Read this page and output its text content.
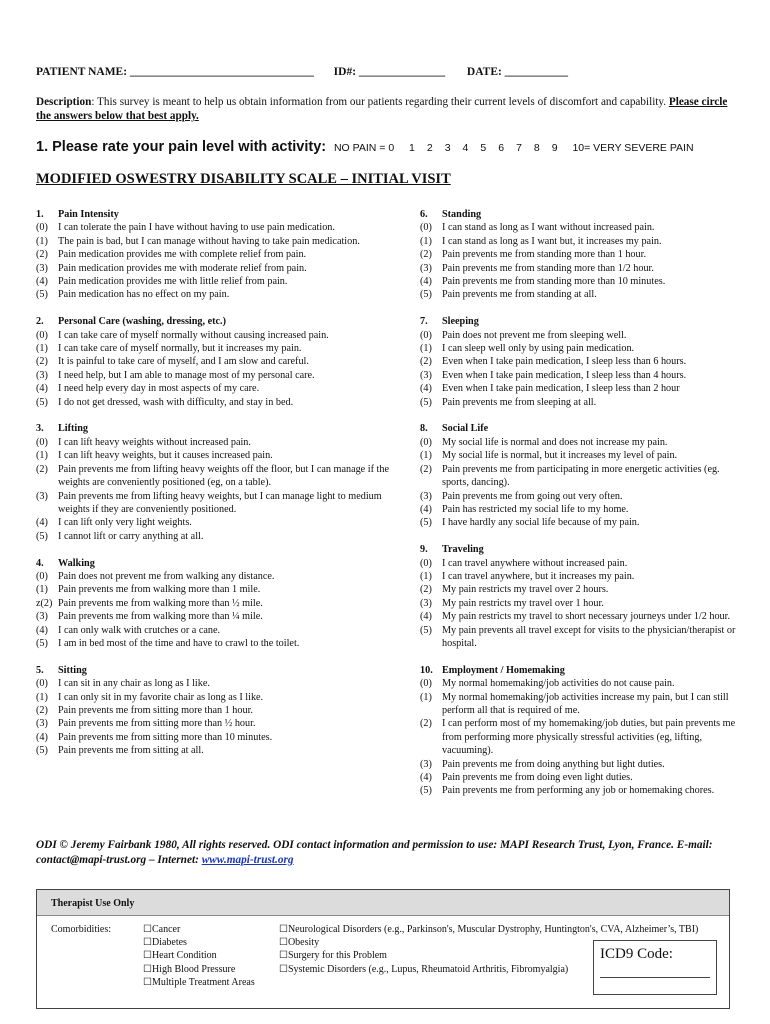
PATIENT NAME: ________________________________ ID#: _______________ DATE: ___________
Description: This survey is meant to help us obtain information from our patients regarding their current levels of discomfort and capability. Please circle the answers below that best apply.
1. Please rate your pain level with activity: NO PAIN = 0 1 2 3 4 5 6 7 8 9 10= VERY SEVERE PAIN
MODIFIED OSWESTRY DISABILITY SCALE – INITIAL VISIT
1.	Pain Intensity
(0) I can tolerate the pain I have without having to use pain medication.
(1) The pain is bad, but I can manage without having to take pain medication.
(2) Pain medication provides me with complete relief from pain.
(3) Pain medication provides me with moderate relief from pain.
(4) Pain medication provides me with little relief from pain.
(5) Pain medication has no effect on my pain.
2.	Personal Care (washing, dressing, etc.)
(0) I can take care of myself normally without causing increased pain.
(1) I can take care of myself normally, but it increases my pain.
(2) It is painful to take care of myself, and I am slow and careful.
(3) I need help, but I am able to manage most of my personal care.
(4) I need help every day in most aspects of my care.
(5) I do not get dressed, wash with difficulty, and stay in bed.
3.	Lifting
(0) I can lift heavy weights without increased pain.
(1) I can lift heavy weights, but it causes increased pain.
(2) Pain prevents me from lifting heavy weights off the floor, but I can manage if the weights are conveniently positioned (eg, on a table).
(3) Pain prevents me from lifting heavy weights, but I can manage light to medium weights if they are conveniently positioned.
(4) I can lift only very light weights.
(5) I cannot lift or carry anything at all.
4.	Walking
(0) Pain does not prevent me from walking any distance.
(1) Pain prevents me from walking more than 1 mile.
z(2) Pain prevents me from walking more than ½ mile.
(3) Pain prevents me from walking more than ¼ mile.
(4) I can only walk with crutches or a cane.
(5) I am in bed most of the time and have to crawl to the toilet.
5.	Sitting
(0) I can sit in any chair as long as I like.
(1) I can only sit in my favorite chair as long as I like.
(2) Pain prevents me from sitting more than 1 hour.
(3) Pain prevents me from sitting more than ½ hour.
(4) Pain prevents me from sitting more than 10 minutes.
(5) Pain prevents me from sitting at all.
6.	Standing
(0) I can stand as long as I want without increased pain.
(1) I can stand as long as I want but, it increases my pain.
(2) Pain prevents me from standing more than 1 hour.
(3) Pain prevents me from standing more than 1/2 hour.
(4) Pain prevents me from standing more than 10 minutes.
(5) Pain prevents me from standing at all.
7.	Sleeping
(0) Pain does not prevent me from sleeping well.
(1) I can sleep well only by using pain medication.
(2) Even when I take pain medication, I sleep less than 6 hours.
(3) Even when I take pain medication, I sleep less than 4 hours.
(4) Even when I take pain medication, I sleep less than 2 hour
(5) Pain prevents me from sleeping at all.
8.	Social Life
(0) My social life is normal and does not increase my pain.
(1) My social life is normal, but it increases my level of pain.
(2) Pain prevents me from participating in more energetic activities (eg. sports, dancing).
(3) Pain prevents me from going out very often.
(4) Pain has restricted my social life to my home.
(5) I have hardly any social life because of my pain.
9.	Traveling
(0) I can travel anywhere without increased pain.
(1) I can travel anywhere, but it increases my pain.
(2) My pain restricts my travel over 2 hours.
(3) My pain restricts my travel over 1 hour.
(4) My pain restricts my travel to short necessary journeys under 1/2 hour.
(5) My pain prevents all travel except for visits to the physician/therapist or hospital.
10. Employment / Homemaking
(0) My normal homemaking/job activities do not cause pain.
(1) My normal homemaking/job activities increase my pain, but I can still perform all that is required of me.
(2) I can perform most of my homemaking/job duties, but pain prevents me from performing more physically stressful activities (eg, lifting, vacuuming).
(3) Pain prevents me from doing anything but light duties.
(4) Pain prevents me from doing even light duties.
(5) Pain prevents me from performing any job or homemaking chores.
ODI © Jeremy Fairbank 1980, All rights reserved. ODI contact information and permission to use: MAPI Research Trust, Lyon, France. E-mail: contact@mapi-trust.org – Internet: www.mapi-trust.org
Therapist Use Only
Comorbidities:	☐Cancer
☐Diabetes
☐Heart Condition
☐High Blood Pressure
☐Multiple Treatment Areas
☐Neurological Disorders (e.g., Parkinson's, Muscular Dystrophy, Huntington's, CVA, Alzheimer’s, TBI)
☐Obesity
☐Surgery for this Problem
☐Systemic Disorders (e.g., Lupus, Rheumatoid Arthritis, Fibromyalgia)
ICD9 Code:
